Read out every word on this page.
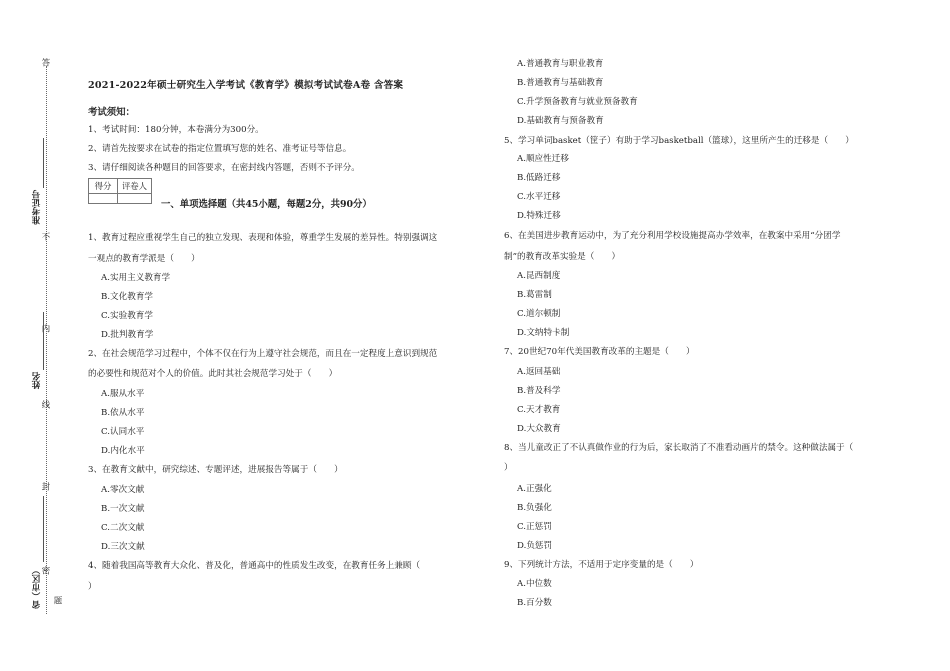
答
不
内
线
封
密
准考证号
姓名
省（市区） 题
2021-2022年硕士研究生入学考试《教育学》模拟考试试卷A卷 含答案
考试须知：
1、考试时间：180分钟，本卷满分为300分。
2、请首先按要求在试卷的指定位置填写您的姓名、准考证号等信息。
3、请仔细阅读各种题目的回答要求，在密封线内答题，否则不予评分。
得分	评卷人
一、单项选择题（共45小题，每题2分，共90分）
1、教育过程应重视学生自己的独立发现、表现和体验，尊重学生发展的差异性。特别强调这
一观点的教育学派是（　　）
A.实用主义教育学
B.文化教育学
C.实验教育学
D.批判教育学
2、在社会规范学习过程中，个体不仅在行为上遵守社会规范，而且在一定程度上意识到规范
的必要性和规范对个人的价值。此时其社会规范学习处于（　　）
A.服从水平
B.依从水平
C.认同水平
D.内化水平
3、在教育文献中，研究综述、专题评述，进展报告等属于（　　）
A.零次文献
B.一次文献
C.二次文献
D.三次文献
4、随着我国高等教育大众化、普及化，普通高中的性质发生改变，在教育任务上兼顾（
）
A.普通教育与职业教育
B.普通教育与基础教育
C.升学预备教育与就业预备教育
D.基础教育与预备教育
5、学习单词basket（筐子）有助于学习basketball（篮球），这里所产生的迁移是（　　）
A.顺应性迁移
B.低路迁移
C.水平迁移
D.特殊迁移
6、在美国进步教育运动中，为了充分利用学校设施提高办学效率，在教案中采用“分团学
制”的教育改革实验是（　　）
A.昆西制度
B.葛雷制
C.道尔顿制
D.文纳特卡制
7、20世纪70年代美国教育改革的主题是（　　）
A.返回基础
B.普及科学
C.天才教育
D.大众教育
8、当儿童改正了不认真做作业的行为后，家长取消了不准看动画片的禁令。这种做法属于（
）
A.正强化
B.负强化
C.正惩罚
D.负惩罚
9、下列统计方法，不适用于定序变量的是（　　）
A.中位数
B.百分数
